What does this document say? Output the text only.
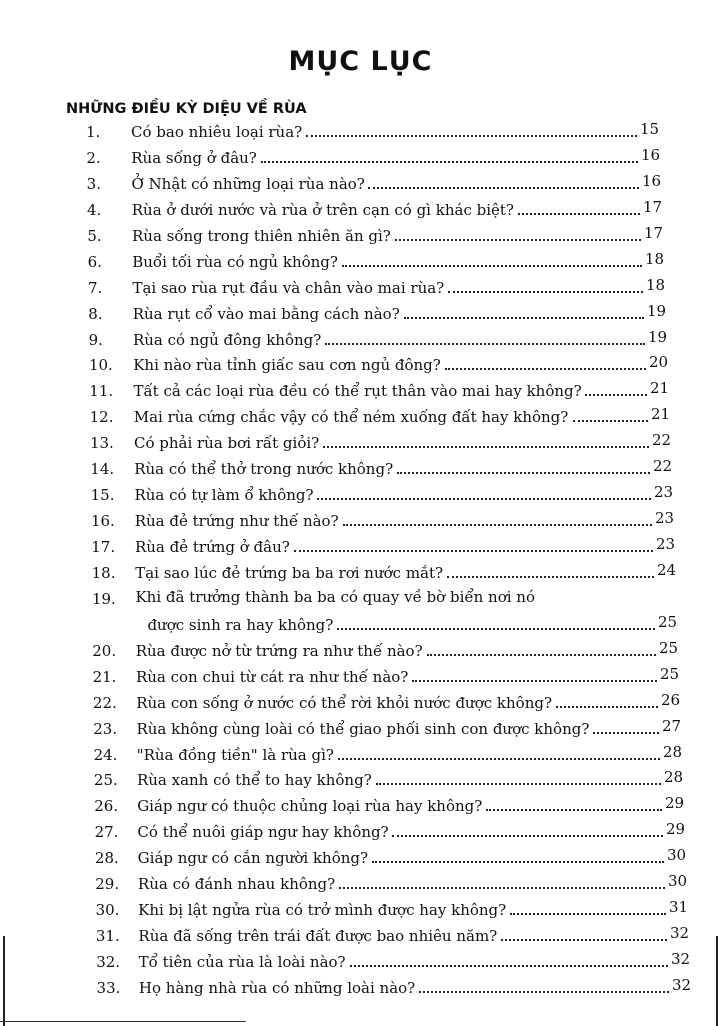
MỤC LỤC
NHỮNG ĐIỀU KỲ DIỆU VỀ RÙA
1.	Có bao nhiêu loại rùa?	15
2.	Rùa sống ở đâu?	16
3.	Ở Nhật có những loại rùa nào?	16
4.	Rùa ở dưới nước và rùa ở trên cạn có gì khác biệt?	17
5.	Rùa sống trong thiên nhiên ăn gì?	17
6.	Buổi tối rùa có ngủ không?	18
7.	Tại sao rùa rụt đầu và chân vào mai rùa?	18
8.	Rùa rụt cổ vào mai bằng cách nào?	19
9.	Rùa có ngủ đông không?	19
10.	Khi nào rùa tỉnh giấc sau cơn ngủ đông?	20
11.	Tất cả các loại rùa đều có thể rụt thân vào mai hay không?	21
12.	Mai rùa cứng chắc vậy có thể ném xuống đất hay không?	21
13.	Có phải rùa bơi rất giỏi?	22
14.	Rùa có thể thở trong nước không?	22
15.	Rùa có tự làm ổ không?	23
16.	Rùa đẻ trứng như thế nào?	23
17.	Rùa đẻ trứng ở đâu?	23
18.	Tại sao lúc đẻ trứng ba ba rơi nước mắt?	24
19.	Khi đã trưởng thành ba ba có quay về bờ biển nơi nó
được sinh ra hay không?	25
20.	Rùa được nở từ trứng ra như thế nào?	25
21.	Rùa con chui từ cát ra như thế nào?	25
22.	Rùa con sống ở nước có thể rời khỏi nước được không?	26
23.	Rùa không cùng loài có thể giao phối sinh con được không?	27
24.	"Rùa đồng tiền" là rùa gì?	28
25.	Rùa xanh có thể to hay không?	28
26.	Giáp ngư có thuộc chủng loại rùa hay không?	29
27.	Có thể nuôi giáp ngư hay không?	29
28.	Giáp ngư có cắn người không?	30
29.	Rùa có đánh nhau không?	30
30.	Khi bị lật ngửa rùa có trở mình được hay không?	31
31.	Rùa đã sống trên trái đất được bao nhiêu năm?	32
32.	Tổ tiên của rùa là loài nào?	32
33.	Họ hàng nhà rùa có những loài nào?	32
